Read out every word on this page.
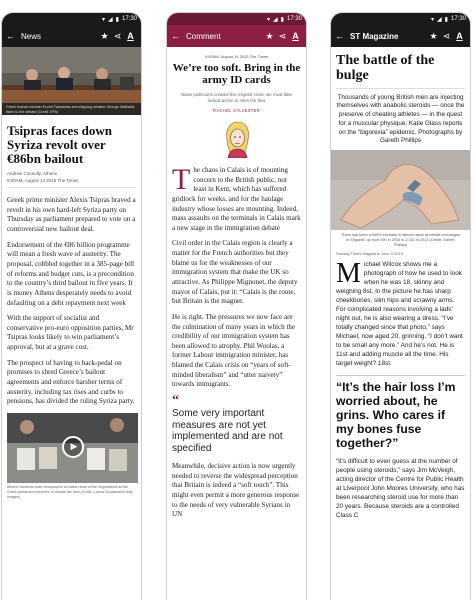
▾ ◢ ▮ 17:30
← News	★ ⋖ A
Greek finance minister Euclid Tsakalotos and shipping minister George Stathakis listen to the debate (Credit: EPA)
Tsipras faces down Syriza revolt over €86bn bailout
Andrew Connolly, Athens
9:00AM, August 14 2015 The Times

Greek prime minister Alexis Tsipras braved a revolt in his own hard-left Syriza party on Thursday as parliament prepared to vote on a controversial new bailout deal.

Endorsement of the €86 billion programme will mean a fresh wave of austerity. The proposal, cobbled together in a 385-page bill of reforms and budget cuts, is a precondition to the country’s third bailout in five years. It is money Athens desperately needs to avoid defaulting on a debt repayment next week

With the support of socialist and conservative pro-euro opposition parties, Mr Tsipras looks likely to win parliament’s approval, but at a grave cost.

The prospect of having to back-pedal on promises to shred Greece’s bailout agreements and enforce harsher terms of austerity, including tax rises and curbs to pensions, has divided the ruling Syriza party.

▶
Athens residents scan newspapers for latest news of the negotiations as the Greek parliament prepares to debate the deal (Credit: Louisa Gouliamaki/Getty Images)
▾ ◢ ▮ 17:30
← Comment	★ ⋖ A
9:00AM, August 14 2015 The Times
We’re too soft. Bring in the army ID cards

Naive politicians created this migrant crisis: we must take radical action to stem the flow

RACHEL SYLVESTER

The chaos in Calais is of mounting concern to the British public, not least in Kent, which has suffered gridlock for weeks, and for the haulage industry whose losses are mounting. Indeed, mass assaults on the terminals in Calais mark a new stage in the immigration debate

Civil order in the Calais region is clearly a matter for the French authorities but they blame us for the weaknesses of our immigration system that make the UK so attractive. As Philippe Mignonet, the deputy mayor of Calais, put it: “Calais is the route, but Britain is the magnet.

He is right. The pressures we now face are the culmination of many years in which the credibility of our immigration system has been allowed to atrophy. Phil Woolas, a former Labour immigration minister, has blamed the Calais crisis on “years of soft-minded liberalism” and “utter naivety” towards immigrants.

“

Some very important measures are not yet implemented and are not specified

Meanwhile, decisive action is now urgently needed to reverse the widespread perception that Britain is indeed a “soft touch”. This might even permit a more generous response to the needs of very vulnerable Syrians in UN

▾ ◢ ▮ 17:30
← ST Magazine	★ ⋖ A
The battle of the bulge

Thousands of young British men are injecting themselves with anabolic steroids — once the preserve of cheating athletes — in the quest for a muscular physique. Katie Glass reports on the “bigorexia” epidemic. Photographs by Gareth Phillips

There has been a 645% increase in steroid users at needle exchanges in England, up from 290 in 2010 to 2,161 in 2013 (Credit: Gareth Phillips)
Sunday Times Magazine June 9 2015

Michael Wilcox shows me a photograph of how he used to look when he was 18, skinny and weighing 8st. In the picture he has sharp cheekbones, slim hips and scrawny arms. For complicated reasons involving a lads’ night out, he is also wearing a dress. “I’ve totally changed since that photo,” says Michael, now aged 20, grinning. “I don’t want to be small any more.” And he’s not. He is 11st and adding muscle all the time. His target weight? 18st.

“It’s the hair loss I’m worried about, he grins. Who cares if my bones fuse together?”

“It’s difficult to even guess at the number of people using steroids,” says Jim McVeigh, acting director of the Centre for Public Health at Liverpool John Moores University, who has been researching steroid use for more than 20 years. Because steroids are a controlled Class C
